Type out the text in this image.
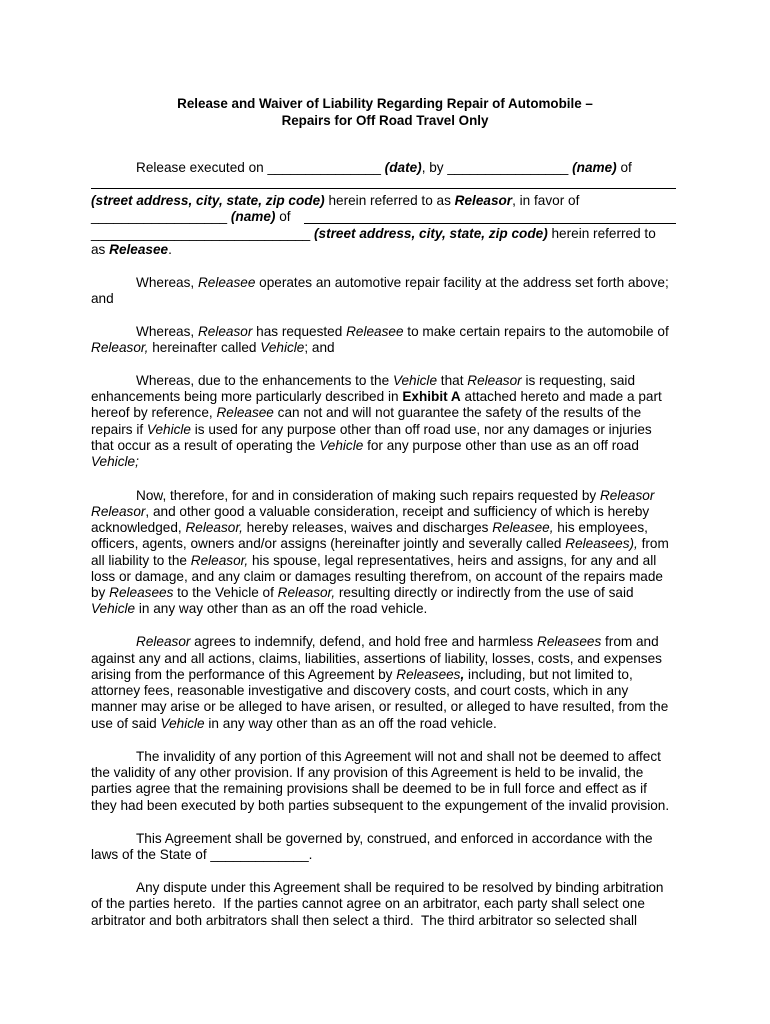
Release and Waiver of Liability Regarding Repair of Automobile –
Repairs for Off Road Travel Only
Release executed on _______________ (date), by ________________ (name) of
(street address, city, state, zip code) herein referred to as Releasor, in favor of
__________________ (name) of
_____________________________ (street address, city, state, zip code) herein referred to
as Releasee.
Whereas, Releasee operates an automotive repair facility at the address set forth above;
and
Whereas, Releasor has requested Releasee to make certain repairs to the automobile of
Releasor, hereinafter called Vehicle; and
Whereas, due to the enhancements to the Vehicle that Releasor is requesting, said
enhancements being more particularly described in Exhibit A attached hereto and made a part
hereof by reference, Releasee can not and will not guarantee the safety of the results of the
repairs if Vehicle is used for any purpose other than off road use, nor any damages or injuries
that occur as a result of operating the Vehicle for any purpose other than use as an off road
Vehicle;
Now, therefore, for and in consideration of making such repairs requested by Releasor
Releasor, and other good a valuable consideration, receipt and sufficiency of which is hereby
acknowledged, Releasor, hereby releases, waives and discharges Releasee, his employees,
officers, agents, owners and/or assigns (hereinafter jointly and severally called Releasees), from
all liability to the Releasor, his spouse, legal representatives, heirs and assigns, for any and all
loss or damage, and any claim or damages resulting therefrom, on account of the repairs made
by Releasees to the Vehicle of Releasor, resulting directly or indirectly from the use of said
Vehicle in any way other than as an off the road vehicle.
Releasor agrees to indemnify, defend, and hold free and harmless Releasees from and
against any and all actions, claims, liabilities, assertions of liability, losses, costs, and expenses
arising from the performance of this Agreement by Releasees, including, but not limited to,
attorney fees, reasonable investigative and discovery costs, and court costs, which in any
manner may arise or be alleged to have arisen, or resulted, or alleged to have resulted, from the
use of said Vehicle in any way other than as an off the road vehicle.
The invalidity of any portion of this Agreement will not and shall not be deemed to affect
the validity of any other provision. If any provision of this Agreement is held to be invalid, the
parties agree that the remaining provisions shall be deemed to be in full force and effect as if
they had been executed by both parties subsequent to the expungement of the invalid provision.
This Agreement shall be governed by, construed, and enforced in accordance with the
laws of the State of _____________.
Any dispute under this Agreement shall be required to be resolved by binding arbitration
of the parties hereto.  If the parties cannot agree on an arbitrator, each party shall select one
arbitrator and both arbitrators shall then select a third.  The third arbitrator so selected shall
